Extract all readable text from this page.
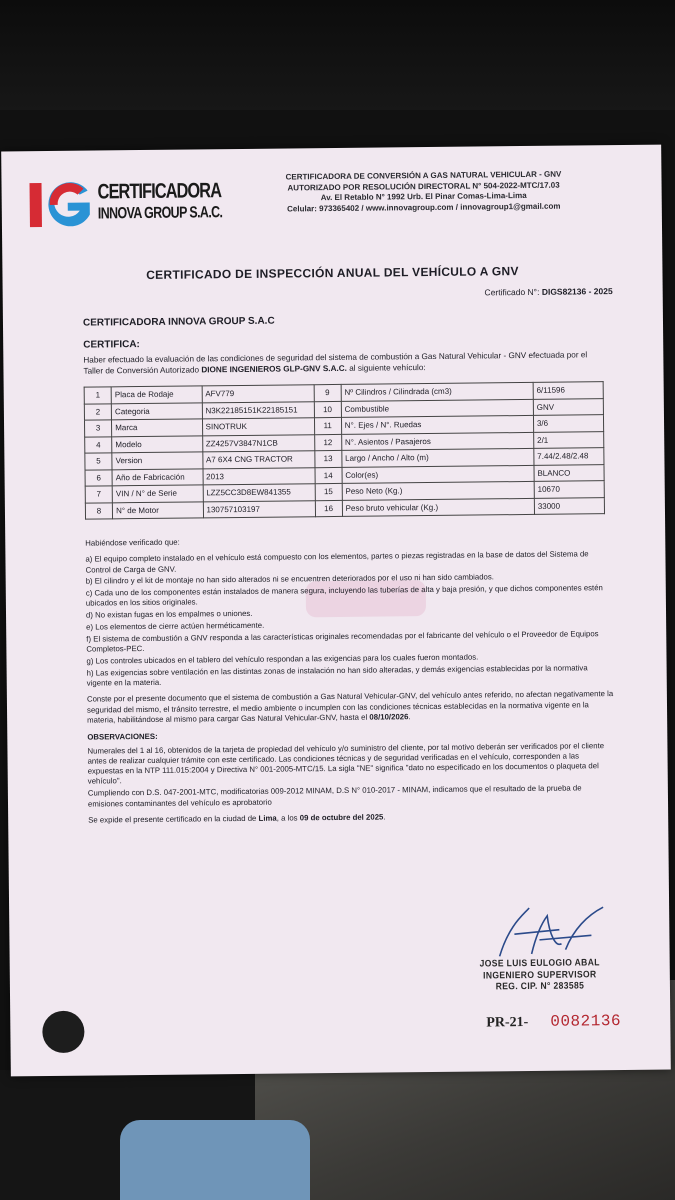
CERTIFICADORA
INNOVA GROUP S.A.C.
CERTIFICADORA DE CONVERSIÓN A GAS NATURAL VEHICULAR - GNV
AUTORIZADO POR RESOLUCIÓN DIRECTORAL N° 504-2022-MTC/17.03
Av. El Retablo N° 1992 Urb. El Pinar Comas-Lima-Lima
Celular: 973365402 / www.innovagroup.com / innovagroup1@gmail.com
CERTIFICADO DE INSPECCIÓN ANUAL DEL VEHÍCULO A GNV
Certificado N°: DIGS82136 - 2025
CERTIFICADORA INNOVA GROUP S.A.C
CERTIFICA:
Haber efectuado la evaluación de las condiciones de seguridad del sistema de combustión a Gas Natural Vehicular - GNV efectuada por el Taller de Conversión Autorizado DIONE INGENIEROS GLP-GNV S.A.C. al siguiente vehículo:
1	Placa de Rodaje	AFV779	9	Nº Cilindros / Cilindrada (cm3)	6/11596
2	Categoria	N3K22185151K22185151	10	Combustible	GNV
3	Marca	SINOTRUK	11	N°. Ejes / N°. Ruedas	3/6
4	Modelo	ZZ4257V3847N1CB	12	N°. Asientos / Pasajeros	2/1
5	Version	A7 6X4 CNG TRACTOR	13	Largo / Ancho / Alto (m)	7.44/2.48/2.48
6	Año de Fabricación	2013	14	Color(es)	BLANCO
7	VIN / N° de Serie	LZZ5CC3D8EW841355	15	Peso Neto (Kg.)	10670
8	N° de Motor	130757103197	16	Peso bruto vehicular (Kg.)	33000

Habiéndose verificado que:

a) El equipo completo instalado en el vehículo está compuesto con los elementos, partes o piezas registradas en la base de datos del Sistema de Control de Carga de GNV.

b) El cilindro y el kit de montaje no han sido alterados ni se encuentren deteriorados por el uso ni han sido cambiados.

c) Cada uno de los componentes están instalados de manera segura, incluyendo las tuberías de alta y baja presión, y que dichos componentes estén ubicados en los sitios originales.

d) No existan fugas en los empalmes o uniones.

e) Los elementos de cierre actúen herméticamente.

f) El sistema de combustión a GNV responda a las características originales recomendadas por el fabricante del vehículo o el Proveedor de Equipos Completos-PEC.

g) Los controles ubicados en el tablero del vehículo respondan a las exigencias para los cuales fueron montados.

h) Las exigencias sobre ventilación en las distintas zonas de instalación no han sido alteradas, y demás exigencias establecidas por la normativa vigente en la materia.

Conste por el presente documento que el sistema de combustión a Gas Natural Vehicular-GNV, del vehículo antes referido, no afectan negativamente la seguridad del mismo, el tránsito terrestre, el medio ambiente o incumplen con las condiciones técnicas establecidas en la normativa vigente en la materia, habilitándose al mismo para cargar Gas Natural Vehicular-GNV, hasta el 08/10/2026.

OBSERVACIONES:

Numerales del 1 al 16, obtenidos de la tarjeta de propiedad del vehículo y/o suministro del cliente, por tal motivo deberán ser verificados por el cliente antes de realizar cualquier trámite con este certificado. Las condiciones técnicas y de seguridad verificadas en el vehículo, corresponden a las expuestas en la NTP 111.015:2004 y Directiva N° 001-2005-MTC/15. La sigla "NE" significa "dato no especificado en los documentos o plaqueta del vehículo".

Cumpliendo con D.S. 047-2001-MTC, modificatorias 009-2012 MINAM, D.S N° 010-2017 - MINAM, indicamos que el resultado de la prueba de emisiones contaminantes del vehículo es aprobatorio

Se expide el presente certificado en la ciudad de Lima, a los 09 de octubre del 2025.

JOSE LUIS EULOGIO ABAL
INGENIERO SUPERVISOR
REG. CIP. N° 283585
PR-21- 0082136
